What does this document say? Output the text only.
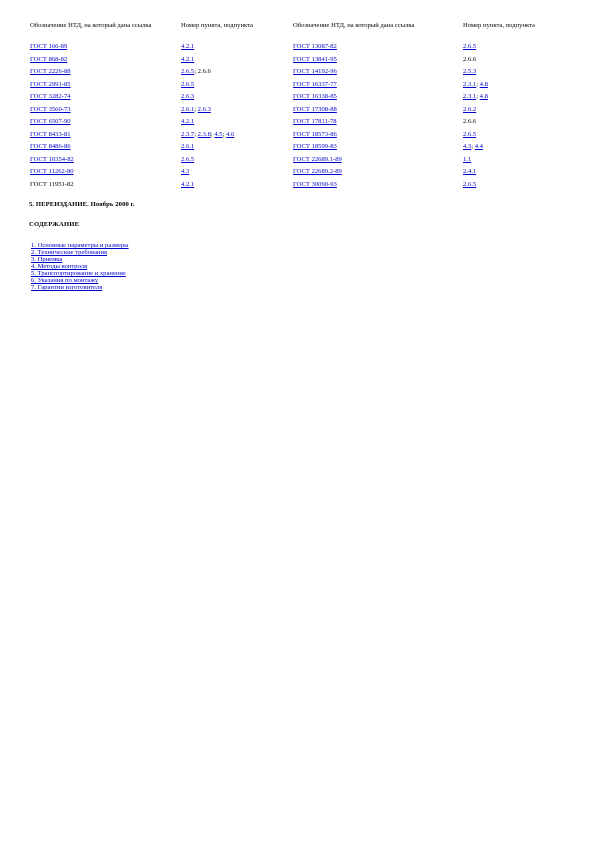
Обозначение НТД, на который дана ссылка	Номер пункта, подпункта	Обозначение НТД, на который дана ссылка	Номер пункта, подпункта
ГОСТ 166-89	4.2.1	ГОСТ 13087-82	2.6.5
ГОСТ 868-82	4.2.1	ГОСТ 13841-95	2.6.6
ГОСТ 2226-88	2.6.5; 2.6.6	ГОСТ 14192-96	2.5.3
ГОСТ 2991-85	2.6.5	ГОСТ 16337-77	2.3.1; 4.8
ГОСТ 3282-74	2.6.3	ГОСТ 16338-85	2.3.1; 4.8
ГОСТ 3560-73	2.6.1; 2.6.3	ГОСТ 17308-88	2.6.2
ГОСТ 6507-90	4.2.1	ГОСТ 17811-78	2.6.6
ГОСТ 8433-81	2.3.7; 2.3.8; 4.5; 4.6	ГОСТ 18573-86	2.6.5
ГОСТ 8486-86	2.6.1	ГОСТ 18599-83	4.3; 4.4
ГОСТ 10354-82	2.6.5	ГОСТ 22689.1-89	1.1
ГОСТ 11262-80	4.3	ГОСТ 22689.2-89	2.4.1
ГОСТ 11951-82	4.2.1	ГОСТ 30090-93	2.6.5
5. ПЕРЕИЗДАНИЕ. Ноябрь 2000 г.
СОДЕРЖАНИЕ
1. Основные параметры и размеры
2. Технические требования
3. Приемка
4. Методы контроля
5. Транспортирование и хранение
6. Указания по монтажу
7. Гарантии изготовителя
